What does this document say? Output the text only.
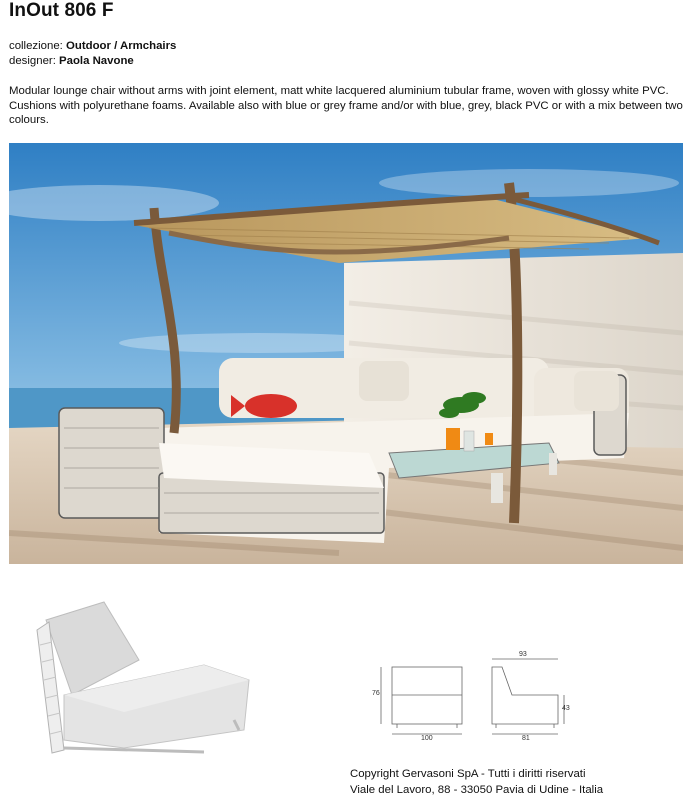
InOut 806 F
collezione: Outdoor / Armchairs
designer: Paola Navone

Modular lounge chair without arms with joint element, matt white lacquered aluminium tubular frame, woven with glossy white PVC. Cushions with polyurethane foams. Available also with blue or grey frame and/or with blue, grey, black PVC or with a mix between two colours.

76
100
93
81
43
Copyright Gervasoni SpA - Tutti i diritti riservati
Viale del Lavoro, 88 - 33050 Pavia di Udine - Italia
